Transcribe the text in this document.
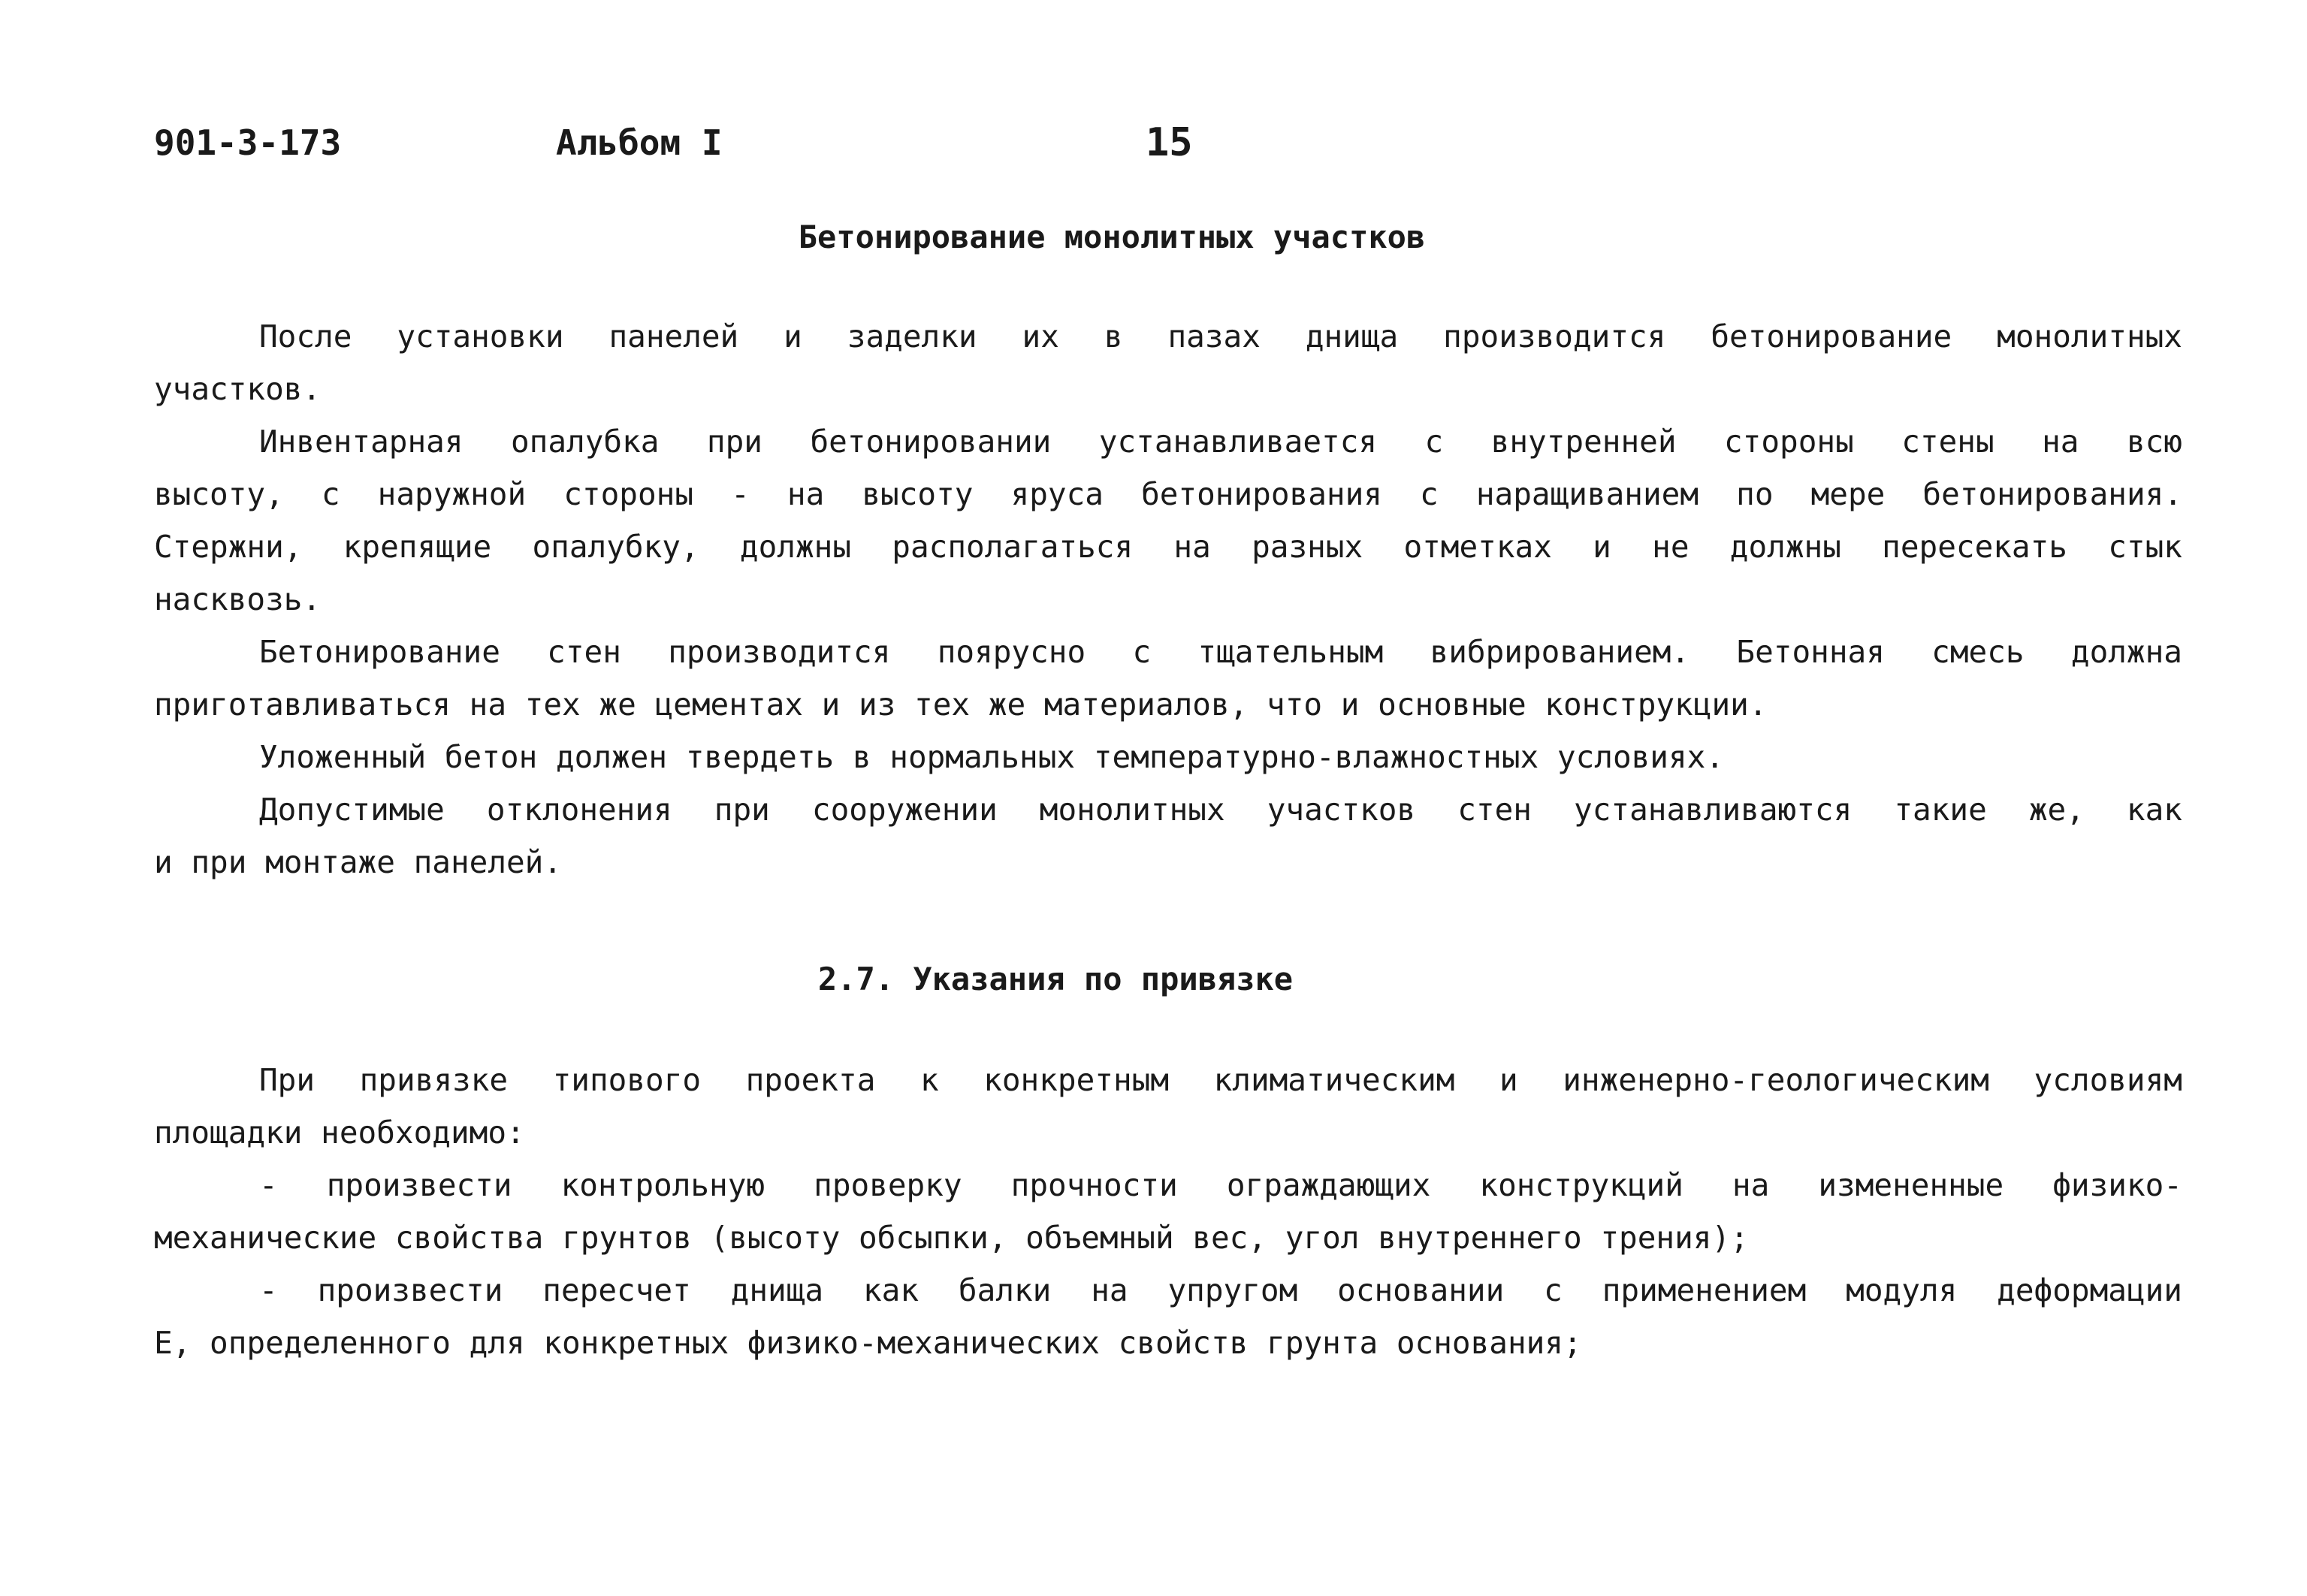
901-3-173	Альбом I	15
Бетонирование монолитных участков
После установки панелей и заделки их в пазах днища производится бетонирование монолитных
участков.
Инвентарная опалубка при бетонировании устанавливается с внутренней стороны стены на всю
высоту, с наружной стороны - на высоту яруса бетонирования с наращиванием по мере бетонирования.
Стержни, крепящие опалубку, должны располагаться на разных отметках и не должны пересекать стык
насквозь.
Бетонирование стен производится поярусно с тщательным вибрированием. Бетонная смесь должна
приготавливаться на тех же цементах и из тех же материалов, что и основные конструкции.
Уложенный бетон должен твердеть в нормальных температурно-влажностных условиях.
Допустимые отклонения при сооружении монолитных участков стен устанавливаются такие же, как
и при монтаже панелей.
2.7. Указания по привязке
При привязке типового проекта к конкретным климатическим и инженерно-геологическим условиям
площадки необходимо:
- произвести контрольную проверку прочности ограждающих конструкций на измененные физико-
механические свойства грунтов (высоту обсыпки, объемный вес, угол внутреннего трения);
- произвести пересчет днища как балки на упругом основании с применением модуля деформации
Е, определенного для конкретных физико-механических свойств грунта основания;
